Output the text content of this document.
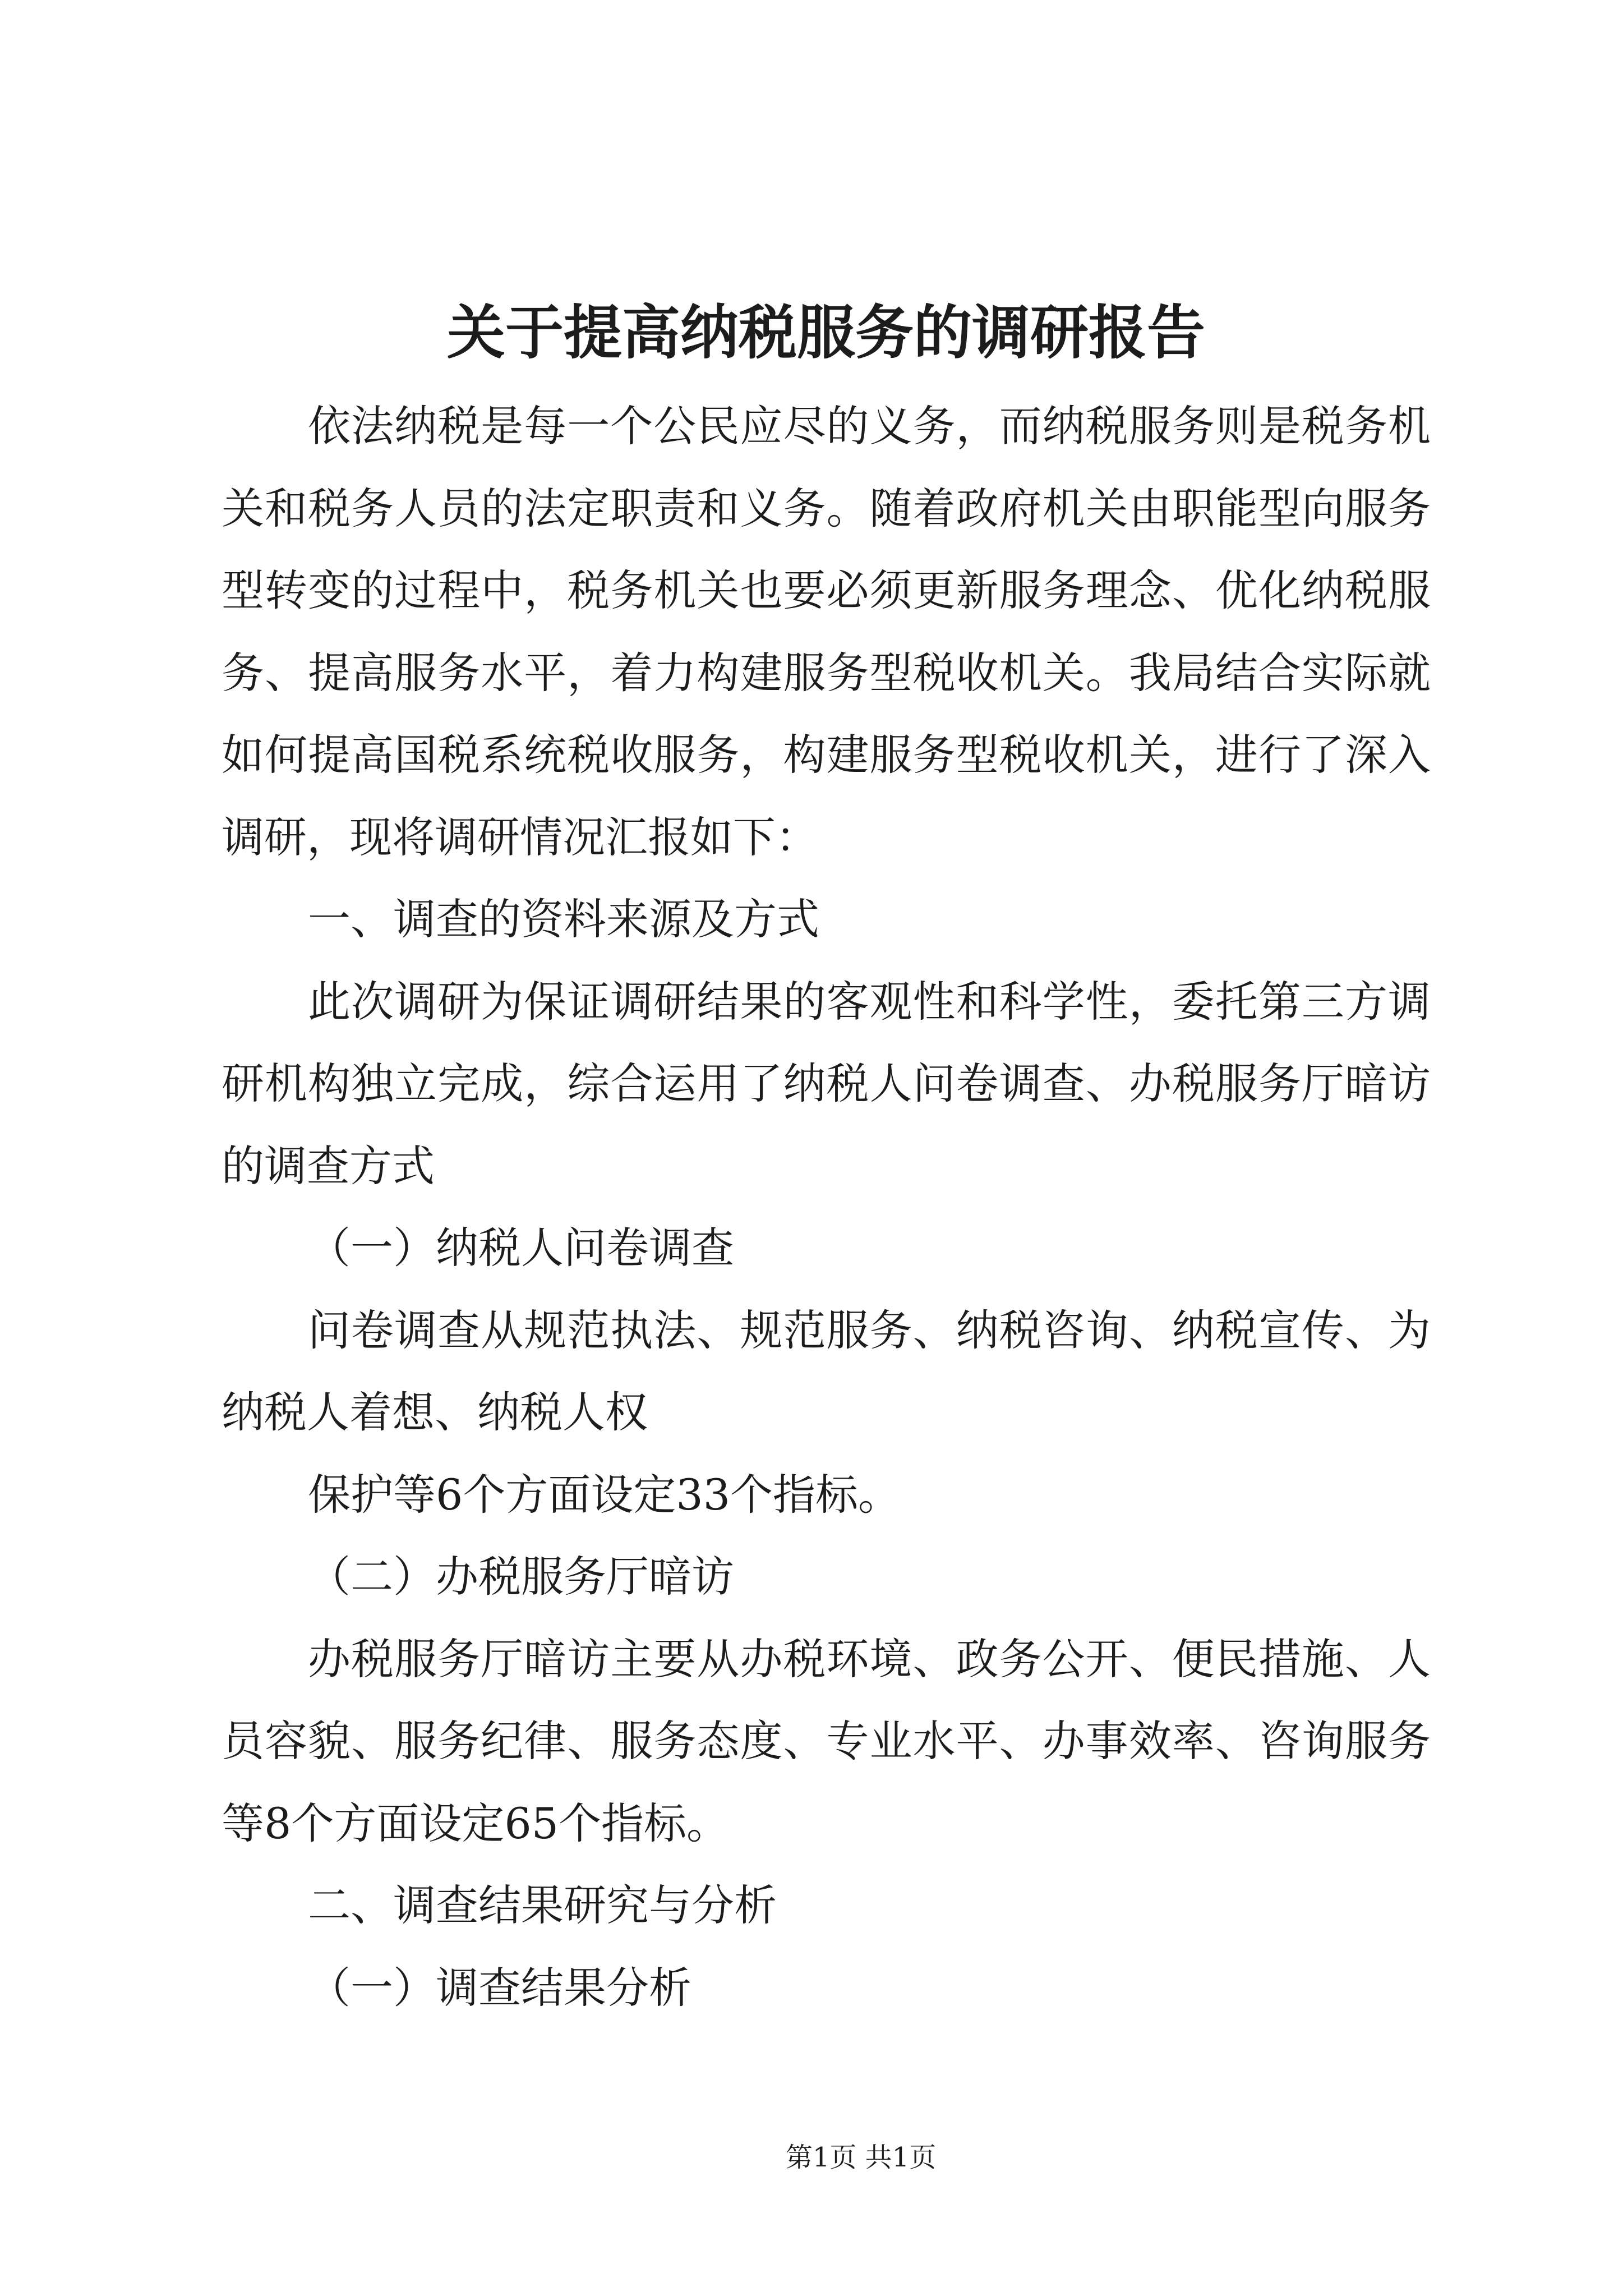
关于提高纳税服务的调研报告
依法纳税是每一个公民应尽的义务，而纳税服务则是税务机
关和税务人员的法定职责和义务。随着政府机关由职能型向服务
型转变的过程中，税务机关也要必须更新服务理念、优化纳税服
务、提高服务水平，着力构建服务型税收机关。我局结合实际就
如何提高国税系统税收服务，构建服务型税收机关，进行了深入
调研，现将调研情况汇报如下：
一、调查的资料来源及方式
此次调研为保证调研结果的客观性和科学性，委托第三方调
研机构独立完成，综合运用了纳税人问卷调查、办税服务厅暗访
的调查方式
（一）纳税人问卷调查
问卷调查从规范执法、规范服务、纳税咨询、纳税宣传、为
纳税人着想、纳税人权
保护等6个方面设定33个指标。
（二）办税服务厅暗访
办税服务厅暗访主要从办税环境、政务公开、便民措施、人
员容貌、服务纪律、服务态度、专业水平、办事效率、咨询服务
等8个方面设定65个指标。
二、调查结果研究与分析
（一）调查结果分析
第1页 共1页
